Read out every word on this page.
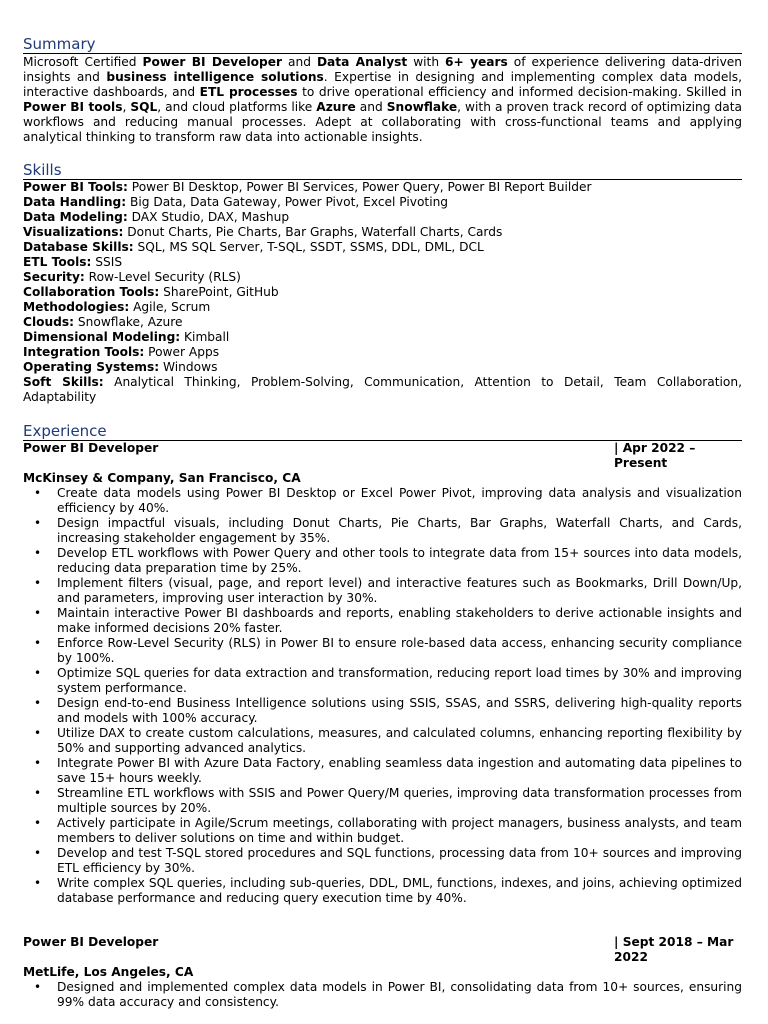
Summary

Microsoft Certified Power BI Developer and Data Analyst with 6+ years of experience delivering data-driven insights and business intelligence solutions. Expertise in designing and implementing complex data models, interactive dashboards, and ETL processes to drive operational efficiency and informed decision-making. Skilled in Power BI tools, SQL, and cloud platforms like Azure and Snowflake, with a proven track record of optimizing data workflows and reducing manual processes. Adept at collaborating with cross-functional teams and applying analytical thinking to transform raw data into actionable insights.

Skills
Power BI Tools: Power BI Desktop, Power BI Services, Power Query, Power BI Report Builder
Data Handling: Big Data, Data Gateway, Power Pivot, Excel Pivoting
Data Modeling: DAX Studio, DAX, Mashup
Visualizations: Donut Charts, Pie Charts, Bar Graphs, Waterfall Charts, Cards
Database Skills: SQL, MS SQL Server, T-SQL, SSDT, SSMS, DDL, DML, DCL
ETL Tools: SSIS
Security: Row-Level Security (RLS)
Collaboration Tools: SharePoint, GitHub
Methodologies: Agile, Scrum
Clouds: Snowflake, Azure
Dimensional Modeling: Kimball
Integration Tools: Power Apps
Operating Systems: Windows
Soft Skills: Analytical Thinking, Problem-Solving, Communication, Attention to Detail, Team Collaboration, Adaptability
Experience
Power BI Developer	| Apr 2022 – Present
McKinsey & Company, San Francisco, CA
• Create data models using Power BI Desktop or Excel Power Pivot, improving data analysis and visualization efficiency by 40%.
• Design impactful visuals, including Donut Charts, Pie Charts, Bar Graphs, Waterfall Charts, and Cards, increasing stakeholder engagement by 35%.
• Develop ETL workflows with Power Query and other tools to integrate data from 15+ sources into data models, reducing data preparation time by 25%.
• Implement filters (visual, page, and report level) and interactive features such as Bookmarks, Drill Down/Up, and parameters, improving user interaction by 30%.
• Maintain interactive Power BI dashboards and reports, enabling stakeholders to derive actionable insights and make informed decisions 20% faster.
• Enforce Row-Level Security (RLS) in Power BI to ensure role-based data access, enhancing security compliance by 100%.
• Optimize SQL queries for data extraction and transformation, reducing report load times by 30% and improving system performance.
• Design end-to-end Business Intelligence solutions using SSIS, SSAS, and SSRS, delivering high-quality reports and models with 100% accuracy.
• Utilize DAX to create custom calculations, measures, and calculated columns, enhancing reporting flexibility by 50% and supporting advanced analytics.
• Integrate Power BI with Azure Data Factory, enabling seamless data ingestion and automating data pipelines to save 15+ hours weekly.
• Streamline ETL workflows with SSIS and Power Query/M queries, improving data transformation processes from multiple sources by 20%.
• Actively participate in Agile/Scrum meetings, collaborating with project managers, business analysts, and team members to deliver solutions on time and within budget.
• Develop and test T-SQL stored procedures and SQL functions, processing data from 10+ sources and improving ETL efficiency by 30%.
• Write complex SQL queries, including sub-queries, DDL, DML, functions, indexes, and joins, achieving optimized database performance and reducing query execution time by 40%.
Power BI Developer	| Sept 2018 – Mar 2022
MetLife, Los Angeles, CA
• Designed and implemented complex data models in Power BI, consolidating data from 10+ sources, ensuring 99% data accuracy and consistency.
